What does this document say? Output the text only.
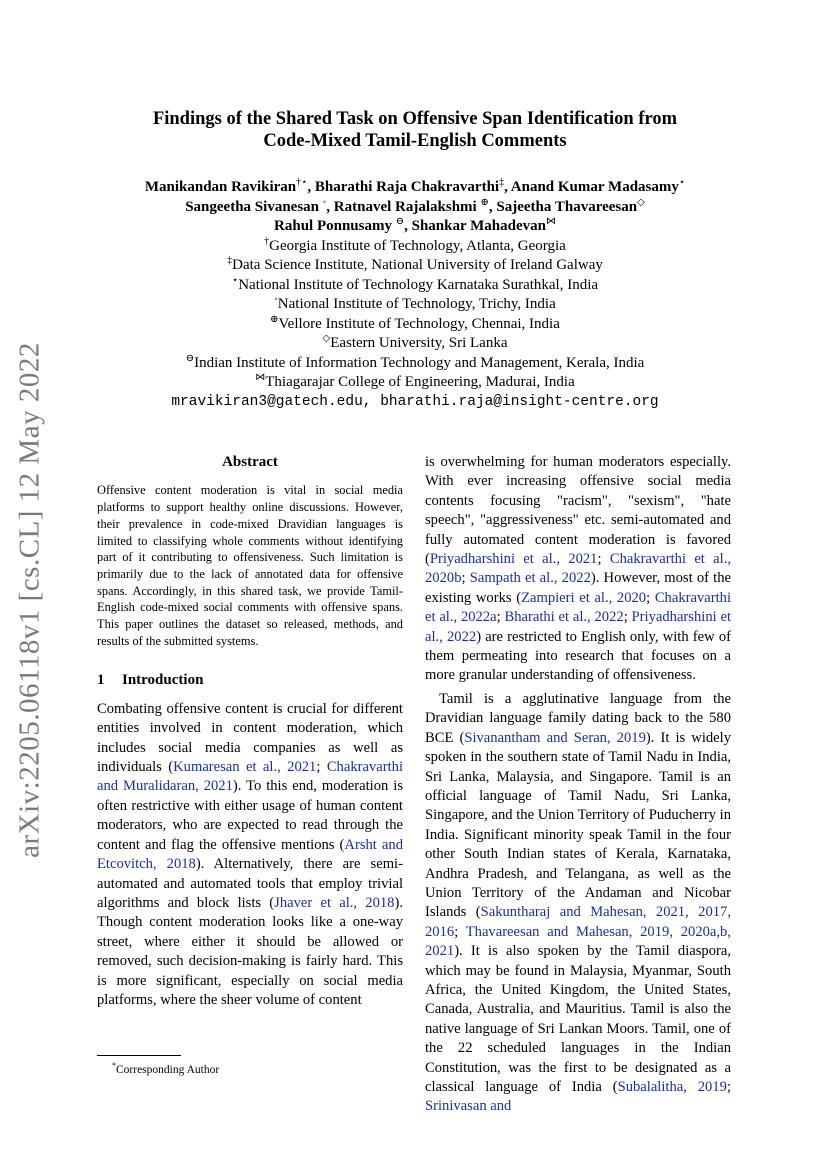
arXiv:2205.06118v1 [cs.CL] 12 May 2022
Findings of the Shared Task on Offensive Span Identification from
Code-Mixed Tamil-English Comments
Manikandan Ravikiran†⋆, Bharathi Raja Chakravarthi‡, Anand Kumar Madasamy⋆
Sangeetha Sivanesan ◦, Ratnavel Rajalakshmi ⊕, Sajeetha Thavareesan◇
Rahul Ponnusamy ⊖, Shankar Mahadevan⋈
†Georgia Institute of Technology, Atlanta, Georgia
‡Data Science Institute, National University of Ireland Galway
⋆National Institute of Technology Karnataka Surathkal, India
◦National Institute of Technology, Trichy, India
⊕Vellore Institute of Technology, Chennai, India
◇Eastern University, Sri Lanka
⊖Indian Institute of Information Technology and Management, Kerala, India
⋈Thiagarajar College of Engineering, Madurai, India
mravikiran3@gatech.edu, bharathi.raja@insight-centre.org
Abstract

Offensive content moderation is vital in social media platforms to support healthy online discussions. However, their prevalence in code-mixed Dravidian languages is limited to classifying whole comments without identifying part of it contributing to offensiveness. Such limitation is primarily due to the lack of annotated data for offensive spans. Accordingly, in this shared task, we provide Tamil-English code-mixed social comments with offensive spans. This paper outlines the dataset so released, methods, and results of the submitted systems.

1 Introduction

Combating offensive content is crucial for different entities involved in content moderation, which includes social media companies as well as individuals (Kumaresan et al., 2021; Chakravarthi and Muralidaran, 2021). To this end, moderation is often restrictive with either usage of human content moderators, who are expected to read through the content and flag the offensive mentions (Arsht and Etcovitch, 2018). Alternatively, there are semi-automated and automated tools that employ trivial algorithms and block lists (Jhaver et al., 2018). Though content moderation looks like a one-way street, where either it should be allowed or removed, such decision-making is fairly hard. This is more significant, especially on social media platforms, where the sheer volume of content

is overwhelming for human moderators especially. With ever increasing offensive social media contents focusing "racism", "sexism", "hate speech", "aggressiveness" etc. semi-automated and fully automated content moderation is favored (Priyadharshini et al., 2021; Chakravarthi et al., 2020b; Sampath et al., 2022). However, most of the existing works (Zampieri et al., 2020; Chakravarthi et al., 2022a; Bharathi et al., 2022; Priyadharshini et al., 2022) are restricted to English only, with few of them permeating into research that focuses on a more granular understanding of offensiveness.

Tamil is a agglutinative language from the Dravidian language family dating back to the 580 BCE (Sivanantham and Seran, 2019). It is widely spoken in the southern state of Tamil Nadu in India, Sri Lanka, Malaysia, and Singapore. Tamil is an official language of Tamil Nadu, Sri Lanka, Singapore, and the Union Territory of Puducherry in India. Significant minority speak Tamil in the four other South Indian states of Kerala, Karnataka, Andhra Pradesh, and Telangana, as well as the Union Territory of the Andaman and Nicobar Islands (Sakuntharaj and Mahesan, 2021, 2017, 2016; Thavareesan and Mahesan, 2019, 2020a,b, 2021). It is also spoken by the Tamil diaspora, which may be found in Malaysia, Myanmar, South Africa, the United Kingdom, the United States, Canada, Australia, and Mauritius. Tamil is also the native language of Sri Lankan Moors. Tamil, one of the 22 scheduled languages in the Indian Constitution, was the first to be designated as a classical language of India (Subalalitha, 2019; Srinivasan and

*Corresponding Author
